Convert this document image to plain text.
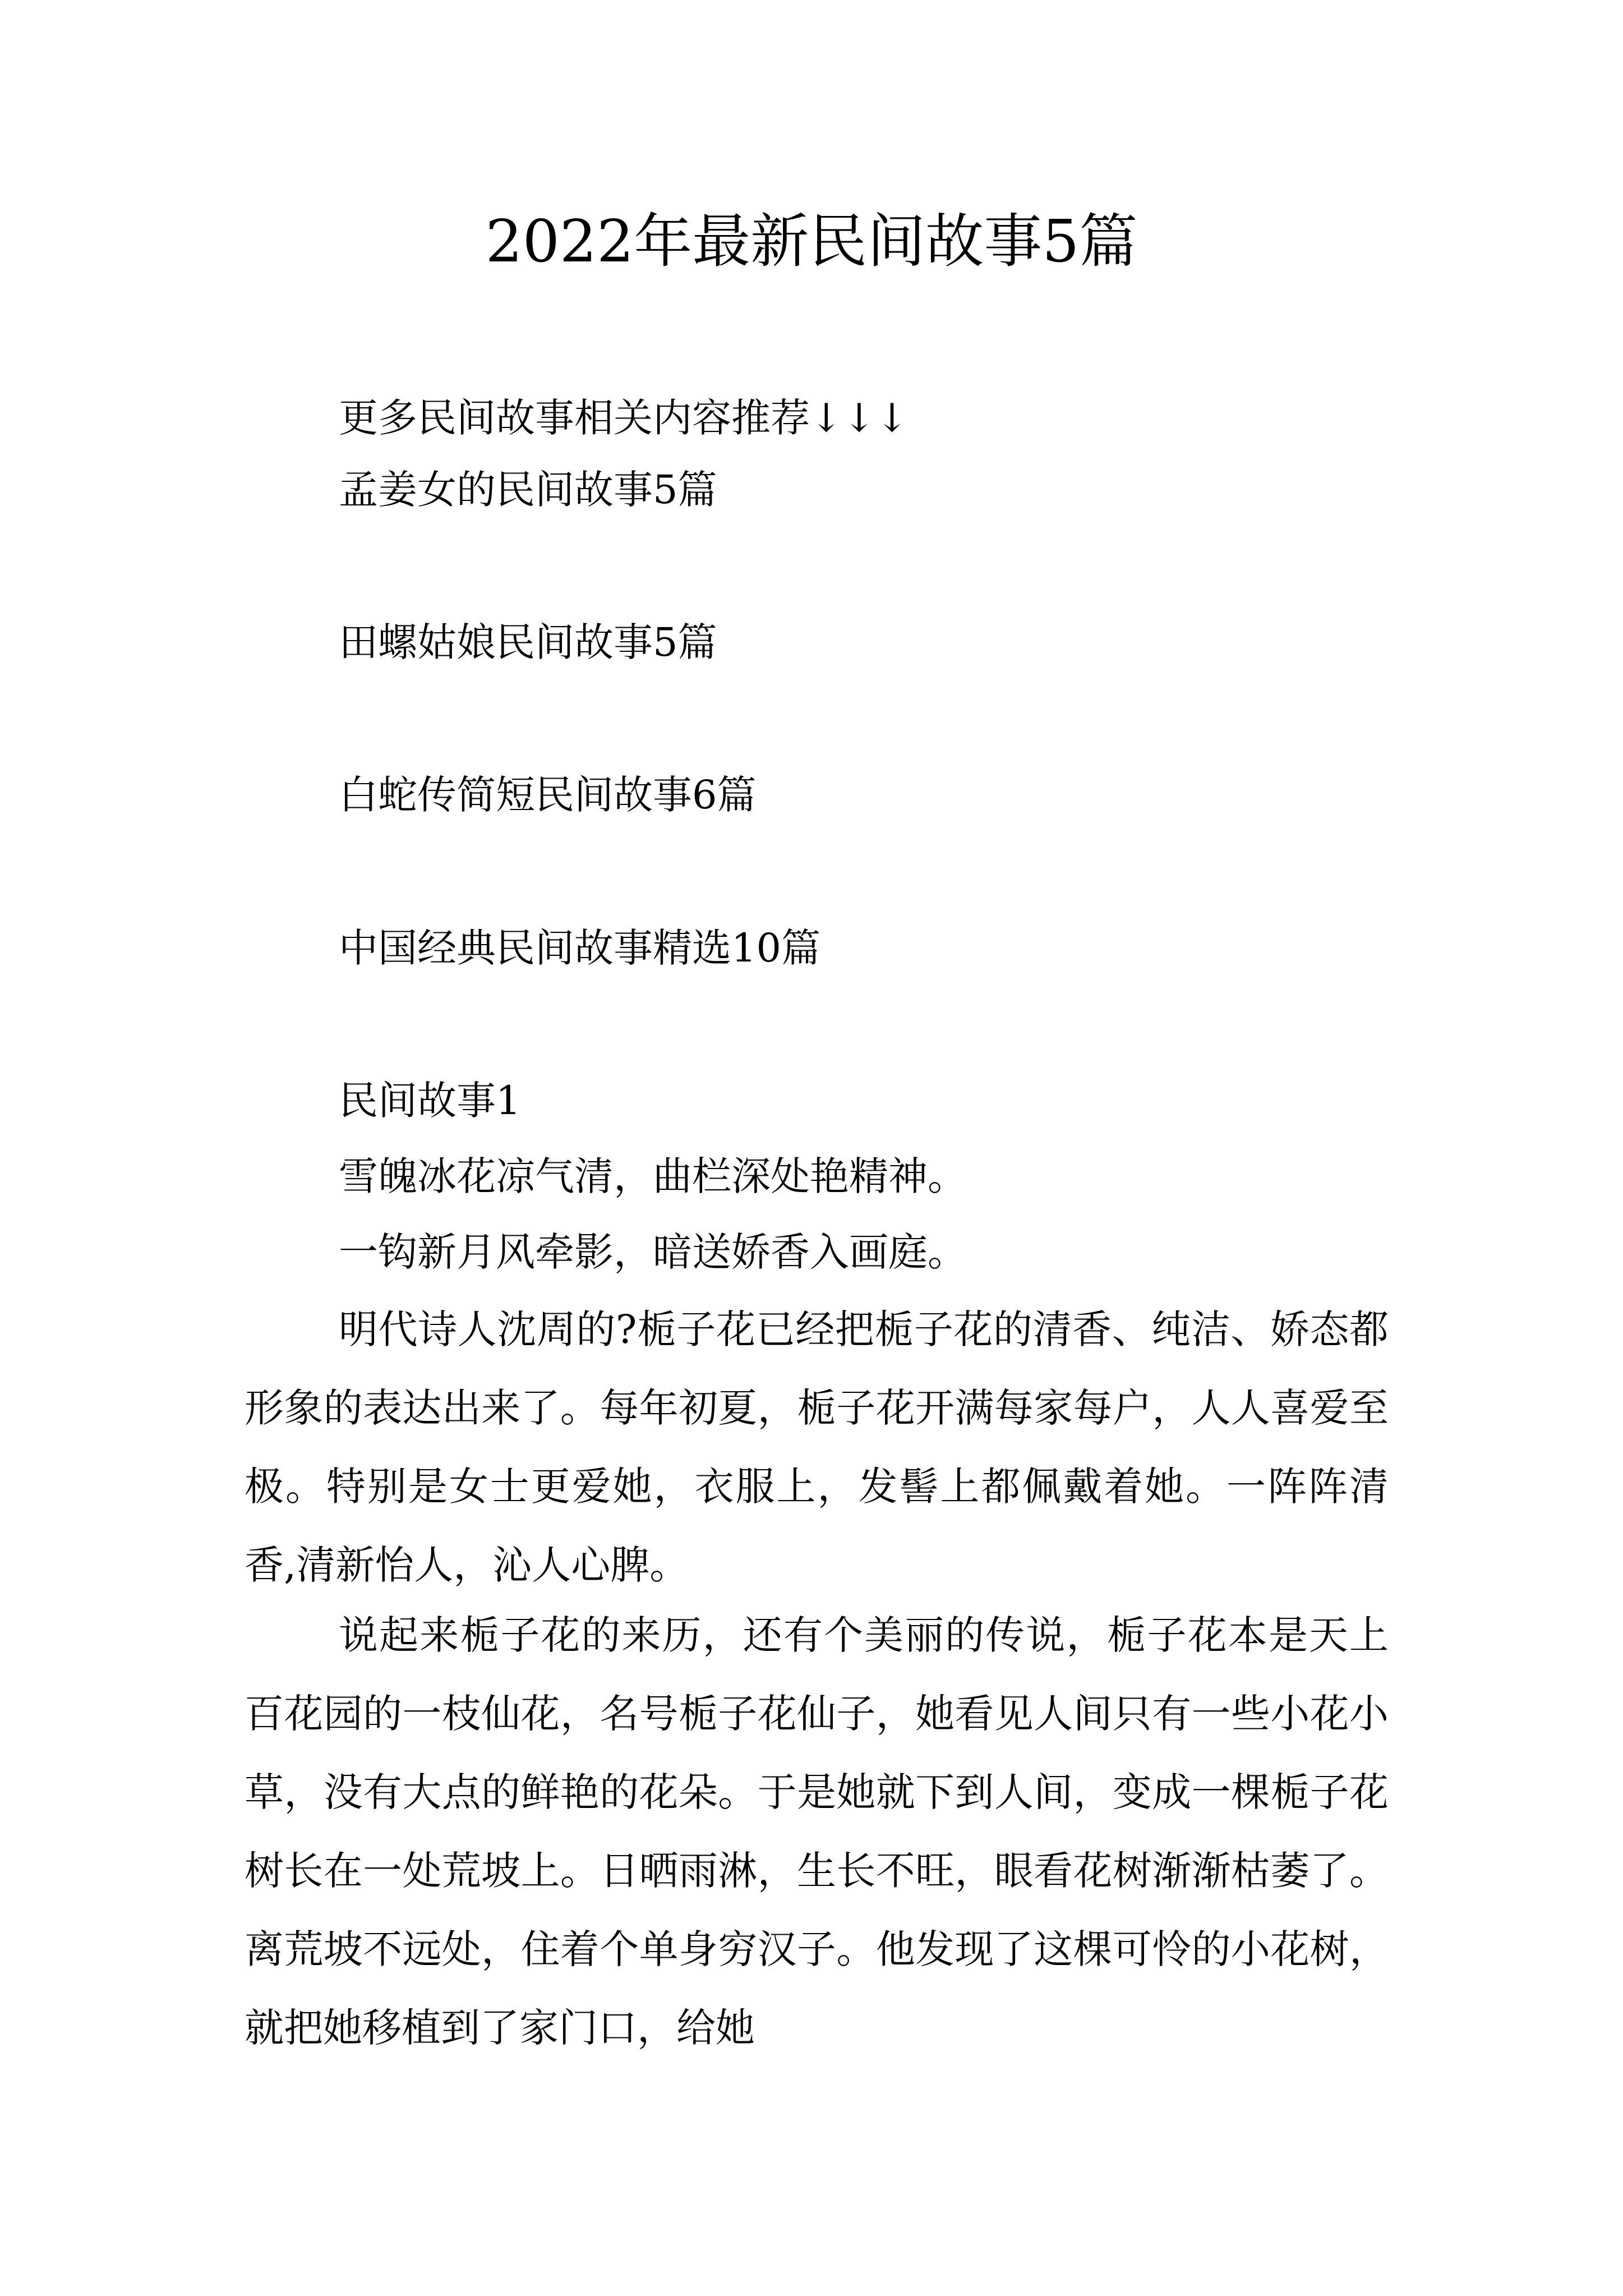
2022年最新民间故事5篇

更多民间故事相关内容推荐↓↓↓

孟姜女的民间故事5篇

田螺姑娘民间故事5篇

白蛇传简短民间故事6篇

中国经典民间故事精选10篇

民间故事1

雪魄冰花凉气清，曲栏深处艳精神。

一钩新月风牵影，暗送娇香入画庭。

明代诗人沈周的?栀子花已经把栀子花的清香、纯洁、娇态都形象的表达出来了。每年初夏，栀子花开满每家每户，人人喜爱至极。特别是女士更爱她，衣服上，发髻上都佩戴着她。一阵阵清香,清新怡人，沁人心脾。

说起来栀子花的来历，还有个美丽的传说，栀子花本是天上百花园的一枝仙花，名号栀子花仙子，她看见人间只有一些小花小草，没有大点的鲜艳的花朵。于是她就下到人间，变成一棵栀子花树长在一处荒坡上。日晒雨淋，生长不旺，眼看花树渐渐枯萎了。离荒坡不远处，住着个单身穷汉子。他发现了这棵可怜的小花树，就把她移植到了家门口，给她
